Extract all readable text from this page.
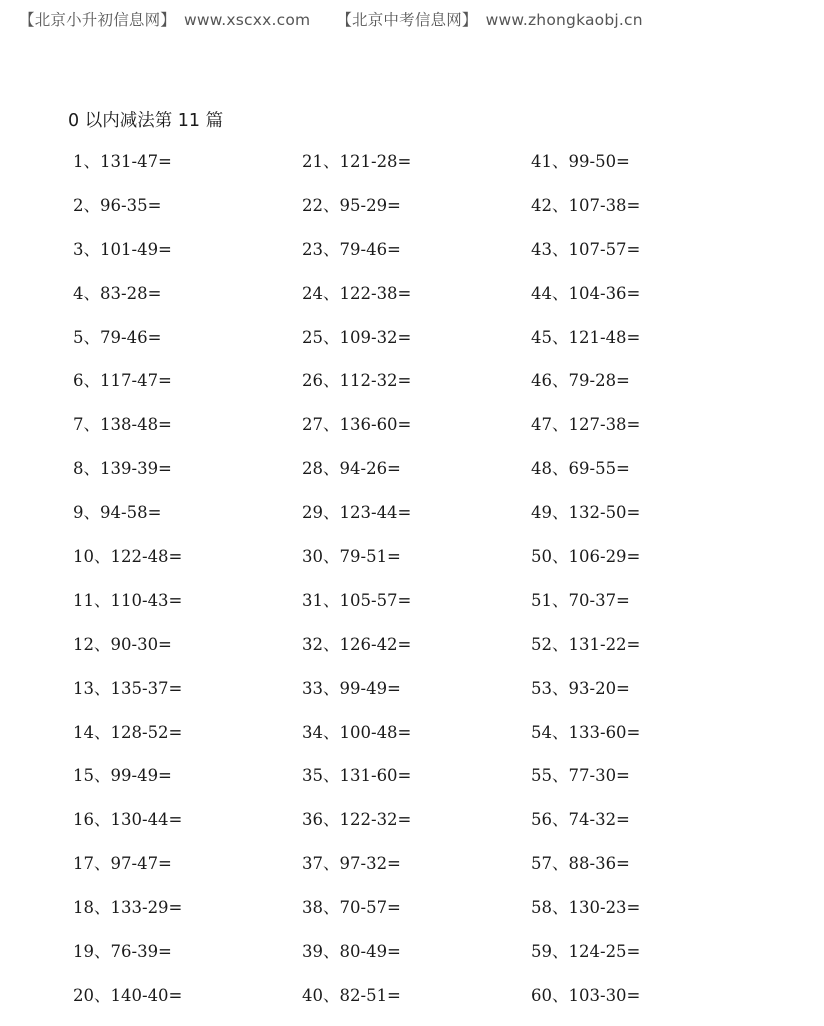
【北京小升初信息网】 www.xscxx.com 【北京中考信息网】 www.zhongkaobj.cn
0 以内减法第 11 篇
1、131-47=
2、96-35=
3、101-49=
4、83-28=
5、79-46=
6、117-47=
7、138-48=
8、139-39=
9、94-58=
10、122-48=
11、110-43=
12、90-30=
13、135-37=
14、128-52=
15、99-49=
16、130-44=
17、97-47=
18、133-29=
19、76-39=
20、140-40=
21、121-28=
22、95-29=
23、79-46=
24、122-38=
25、109-32=
26、112-32=
27、136-60=
28、94-26=
29、123-44=
30、79-51=
31、105-57=
32、126-42=
33、99-49=
34、100-48=
35、131-60=
36、122-32=
37、97-32=
38、70-57=
39、80-49=
40、82-51=
41、99-50=
42、107-38=
43、107-57=
44、104-36=
45、121-48=
46、79-28=
47、127-38=
48、69-55=
49、132-50=
50、106-29=
51、70-37=
52、131-22=
53、93-20=
54、133-60=
55、77-30=
56、74-32=
57、88-36=
58、130-23=
59、124-25=
60、103-30=
